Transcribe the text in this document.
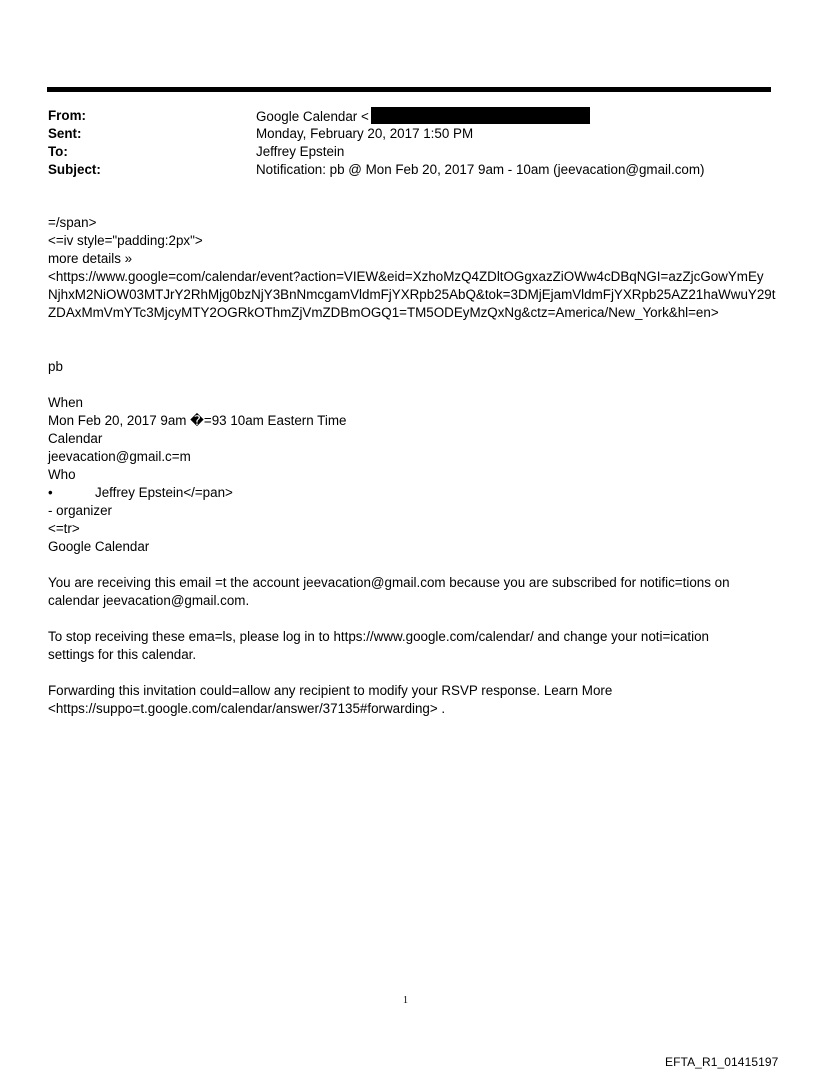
From:	Google Calendar <
Sent:	Monday, February 20, 2017 1:50 PM
To:	Jeffrey Epstein
Subject:	Notification: pb @ Mon Feb 20, 2017 9am - 10am (jeevacation@gmail.com)
=/span>
<=iv style="padding:2px">
more details »
<https://www.google=com/calendar/event?action=VIEW&eid=XzhoMzQ4ZDltOGgxazZiOWw4cDBqNGI=azZjcGowYmEy
NjhxM2NiOW03MTJrY2RhMjg0bzNjY3BnNmcgamVldmFjYXRpb25AbQ&tok=3DMjEjamVldmFjYXRpb25AZ21haWwuY29t
ZDAxMmVmYTc3MjcyMTY2OGRkOThmZjVmZDBmOGQ1=TM5ODEyMzQxNg&ctz=America/New_York&hl=en>
pb
When
Mon Feb 20, 2017 9am �=93 10am Eastern Time
Calendar
jeevacation@gmail.c=m
Who
•	Jeffrey Epstein</=pan>
- organizer
<=tr>
Google Calendar
You are receiving this email =t the account jeevacation@gmail.com because you are subscribed for notific=tions on
calendar jeevacation@gmail.com.
To stop receiving these ema=ls, please log in to https://www.google.com/calendar/ and change your noti=ication
settings for this calendar.
Forwarding this invitation could=allow any recipient to modify your RSVP response. Learn More
<https://suppo=t.google.com/calendar/answer/37135#forwarding> .
1
EFTA_R1_01415197
